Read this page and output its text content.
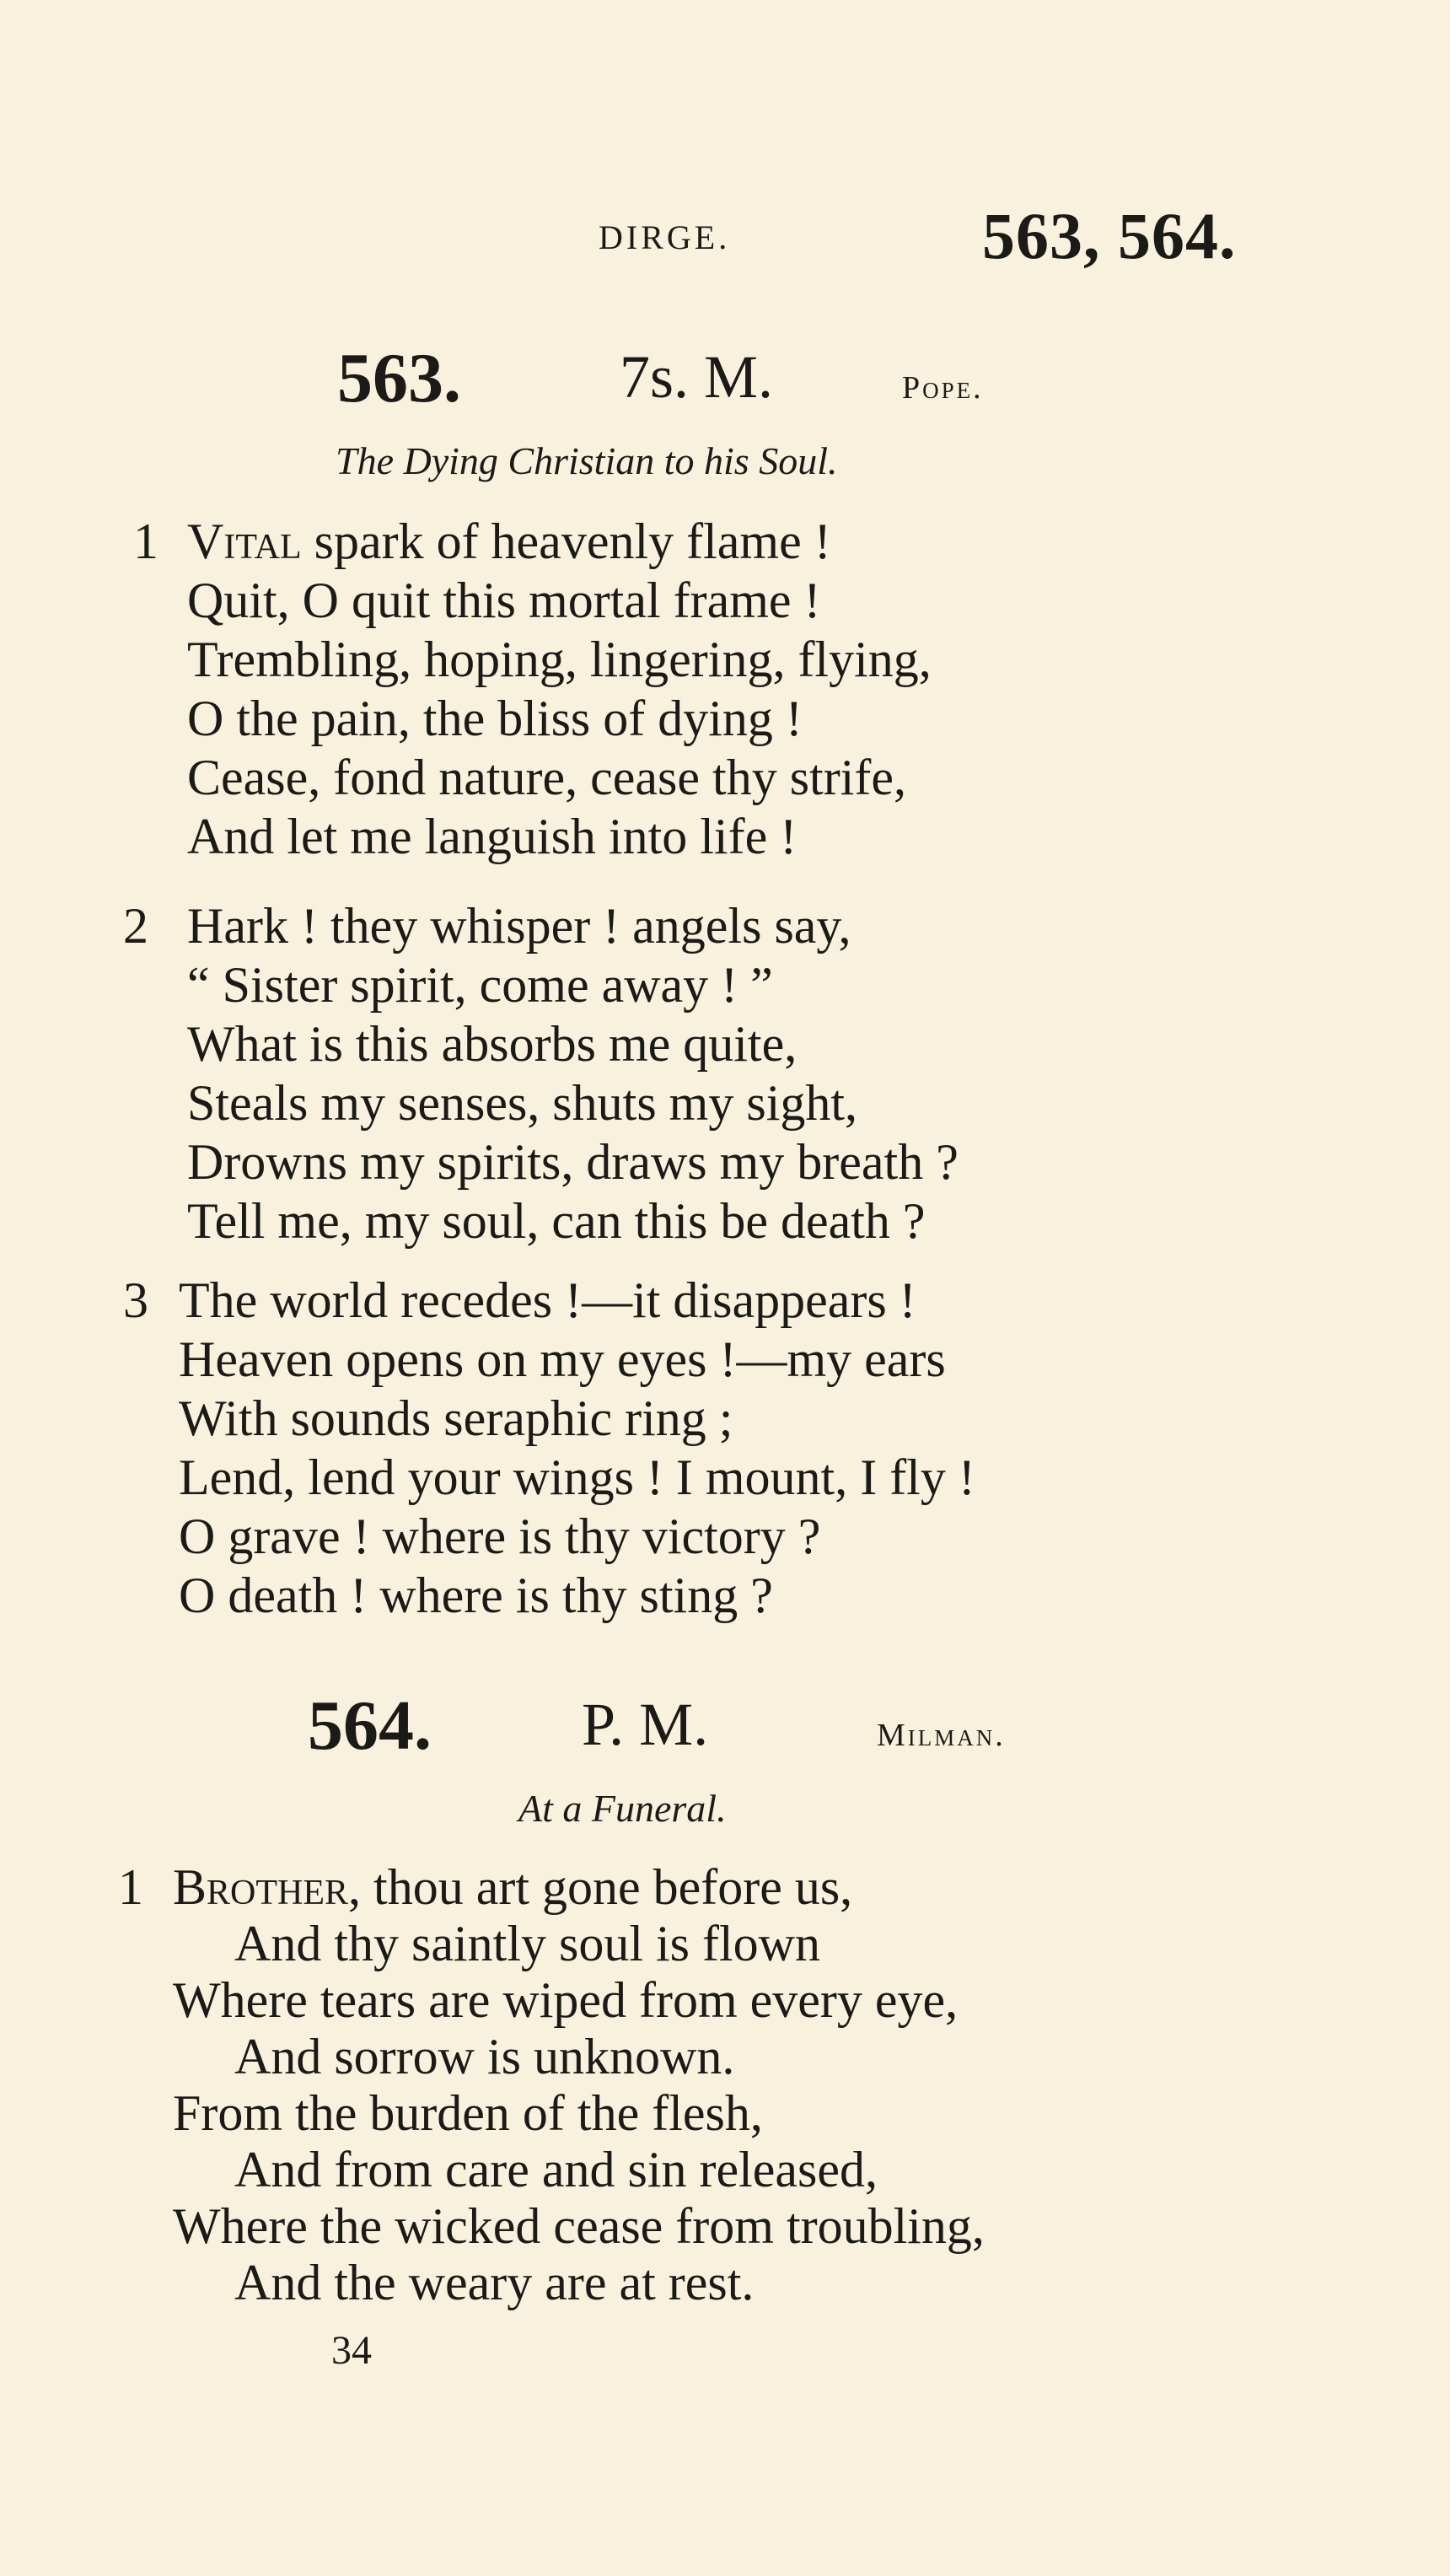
DIRGE.	563, 564.
563.	7s. M.	Pope.
The Dying Christian to his Soul.
1 Vital spark of heavenly flame !
Quit, O quit this mortal frame !
Trembling, hoping, lingering, flying,
O the pain, the bliss of dying !
Cease, fond nature, cease thy strife,
And let me languish into life !
2 Hark ! they whisper ! angels say,
“ Sister spirit, come away ! ”
What is this absorbs me quite,
Steals my senses, shuts my sight,
Drowns my spirits, draws my breath ?
Tell me, my soul, can this be death ?
3 The world recedes !—it disappears !
Heaven opens on my eyes !—my ears
With sounds seraphic ring ;
Lend, lend your wings ! I mount, I fly !
O grave ! where is thy victory ?
O death ! where is thy sting ?
564. P. M.	Milman.
At a Funeral.
1 Brother, thou art gone before us,
And thy saintly soul is flown
Where tears are wiped from every eye,
And sorrow is unknown.
From the burden of the flesh,
And from care and sin released,
Where the wicked cease from troubling,
And the weary are at rest.
34
